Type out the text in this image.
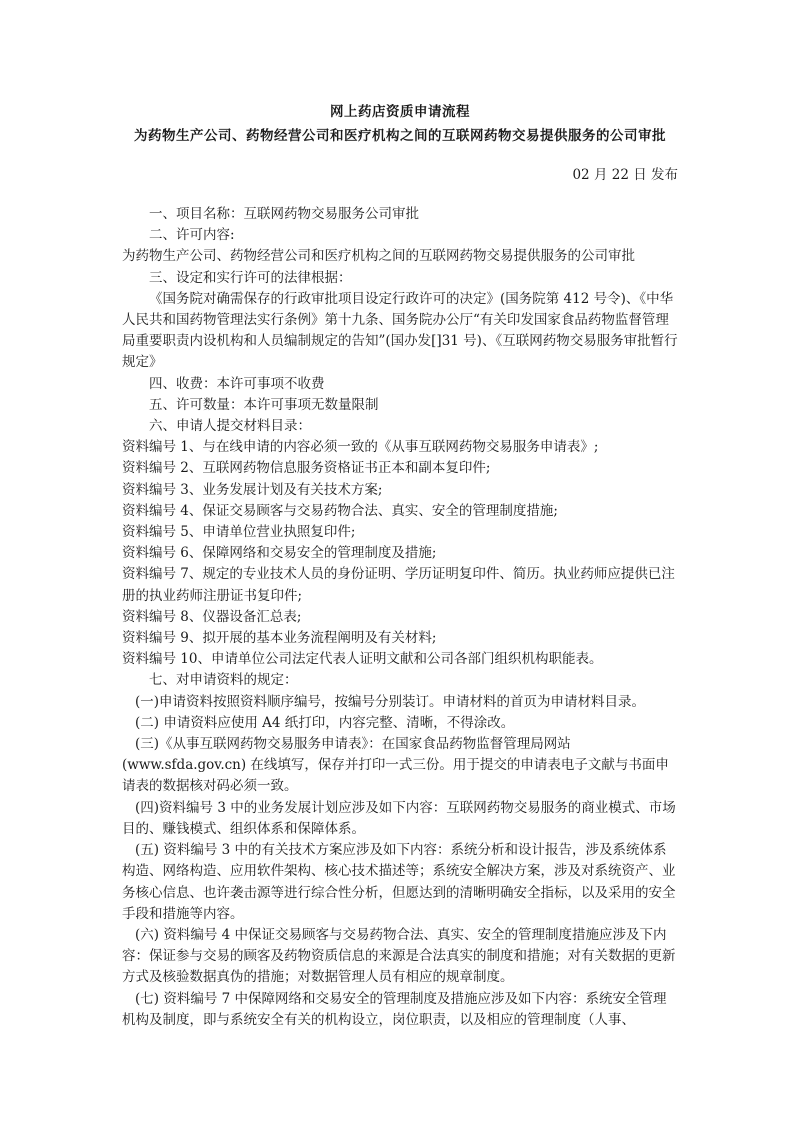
网上药店资质申请流程
为药物生产公司、药物经营公司和医疗机构之间的互联网药物交易提供服务的公司审批
02 月 22 日 发布

一、项目名称：互联网药物交易服务公司审批

二、许可内容:

为药物生产公司、药物经营公司和医疗机构之间的互联网药物交易提供服务的公司审批

三、设定和实行许可的法律根据：

《国务院对确需保存的行政审批项目设定行政许可的决定》(国务院第 412 号令)、《中华人民共和国药物管理法实行条例》第十九条、国务院办公厅“有关印发国家食品药物监督管理局重要职责内设机构和人员编制规定的告知”(国办发[]31 号)、《互联网药物交易服务审批暂行规定》

四、收费：本许可事项不收费

五、许可数量：本许可事项无数量限制

六、申请人提交材料目录：

资料编号 1、与在线申请的内容必须一致的《从事互联网药物交易服务申请表》;

资料编号 2、互联网药物信息服务资格证书正本和副本复印件;

资料编号 3、业务发展计划及有关技术方案;

资料编号 4、保证交易顾客与交易药物合法、真实、安全的管理制度措施;

资料编号 5、申请单位营业执照复印件;

资料编号 6、保障网络和交易安全的管理制度及措施;

资料编号 7、规定的专业技术人员的身份证明、学历证明复印件、简历。执业药师应提供已注册的执业药师注册证书复印件;

资料编号 8、仪器设备汇总表;

资料编号 9、拟开展的基本业务流程阐明及有关材料;

资料编号 10、申请单位公司法定代表人证明文献和公司各部门组织机构职能表。

七、对申请资料的规定：

(一)申请资料按照资料顺序编号，按编号分别装订。申请材料的首页为申请材料目录。

(二) 申请资料应使用 A4 纸打印，内容完整、清晰，不得涂改。

(三)《从事互联网药物交易服务申请表》：在国家食品药物监督管理局网站(www.sfda.gov.cn) 在线填写，保存并打印一式三份。用于提交的申请表电子文献与书面申请表的数据核对码必须一致。

(四)资料编号 3 中的业务发展计划应涉及如下内容：互联网药物交易服务的商业模式、市场目的、赚钱模式、组织体系和保障体系。

(五) 资料编号 3 中的有关技术方案应涉及如下内容：系统分析和设计报告，涉及系统体系构造、网络构造、应用软件架构、核心技术描述等；系统安全解决方案，涉及对系统资产、业务核心信息、也许袭击源等进行综合性分析，但愿达到的清晰明确安全指标，以及采用的安全手段和措施等内容。

(六) 资料编号 4 中保证交易顾客与交易药物合法、真实、安全的管理制度措施应涉及下内容：保证参与交易的顾客及药物资质信息的来源是合法真实的制度和措施；对有关数据的更新方式及核验数据真伪的措施；对数据管理人员有相应的规章制度。

(七) 资料编号 7 中保障网络和交易安全的管理制度及措施应涉及如下内容：系统安全管理机构及制度，即与系统安全有关的机构设立，岗位职责，以及相应的管理制度（人事、
